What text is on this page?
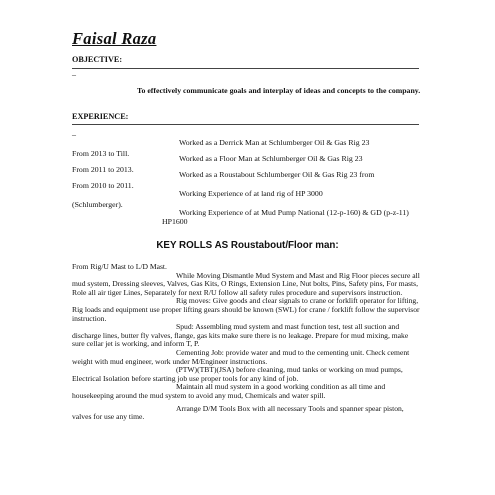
Faisal Raza
OBJECTIVE:
–
To effectively communicate goals and interplay of ideas and concepts to the company.
EXPERIENCE:
–
Worked as a Derrick Man at Schlumberger Oil & Gas Rig 23
From 2013 to Till.
Worked as a Floor Man at Schlumberger Oil & Gas Rig 23
From 2011 to 2013.
Worked as a Roustabout Schlumberger Oil & Gas Rig 23 from
From 2010 to 2011.
Working Experience of at land rig of HP 3000
(Schlumberger).
Working Experience of at Mud Pump National (12-p-160) & GD (p-z-11) HP1600
KEY ROLLS AS Roustabout/Floor man:

From Rig/U Mast to L/D Mast.

While Moving Dismantle Mud System and Mast and Rig Floor pieces secure all mud system, Dressing sleeves, Valves, Gas Kits, O Rings, Extension Line, Nut bolts, Pins, Safety pins, For masts, Role all air tiger Lines, Separately for next R/U follow all safety rules procedure and supervisors instruction.

Rig moves: Give goods and clear signals to crane or forklift operator for lifting, Rig loads and equipment use proper lifting gears should be known (SWL) for crane / forklift follow the supervisor instruction.

Spud: Assembling mud system and mast function test, test all suction and discharge lines, butter fly valves, flange, gas kits make sure there is no leakage. Prepare for mud mixing, make sure cellar jet is working, and inform T, P.

Cementing Job: provide water and mud to the cementing unit. Check cement weight with mud engineer, work under M/Engineer instructions.

(PTW)(TBT)(JSA) before cleaning, mud tanks or working on mud pumps, Electrical Isolation before starting job use proper tools for any kind of job.

Maintain all mud system in a good working condition as all time and housekeeping around the mud system to avoid any mud, Chemicals and water spill.

Arrange D/M Tools Box with all necessary Tools and spanner spear piston, valves for use any time.
